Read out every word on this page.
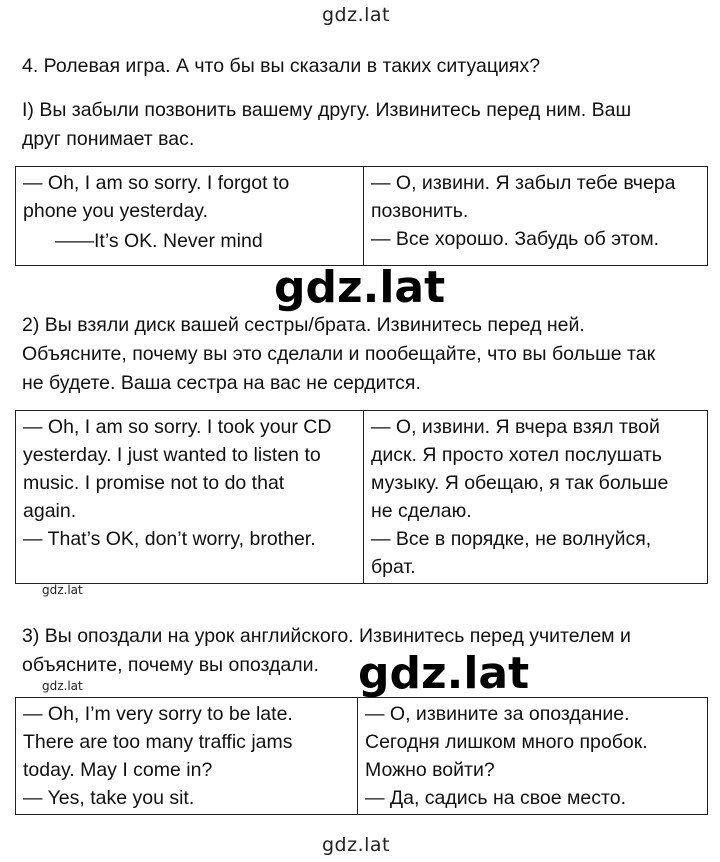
gdz.lat
4. Ролевая игра. А что бы вы сказали в таких ситуациях?
I) Вы забыли позвонить вашему другу. Извинитесь перед ним. Ваш
друг понимает вас.
— Oh, I am so sorry. I forgot to
phone you yesterday.
——It’s OK. Never mind

— О, извини. Я забыл тебе вчера
позвонить.
— Все хорошо. Забудь об этом.
gdz.lat
2) Вы взяли диск вашей сестры/брата. Извинитесь перед ней.
Объясните, почему вы это сделали и пообещайте, что вы больше так
не будете. Ваша сестра на вас не сердится.
— Oh, I am so sorry. I took your CD
yesterday. I just wanted to listen to
music. I promise not to do that
again.
— That’s OK, don’t worry, brother.

— О, извини. Я вчера взял твой
диск. Я просто хотел послушать
музыку. Я обещаю, я так больше
не сделаю.
— Все в порядке, не волнуйся,
брат.
gdz.lat
3) Вы опоздали на урок английского. Извинитесь перед учителем и
объясните, почему вы опоздали.
gdz.lat
— Oh, I’m very sorry to be late.
There are too many traffic jams
today. May I come in?
— Yes, take you sit.

— О, извините за опоздание.
Сегодня лишком много пробок.
Можно войти?
— Да, садись на свое место.
gdz.lat
gdz.lat
